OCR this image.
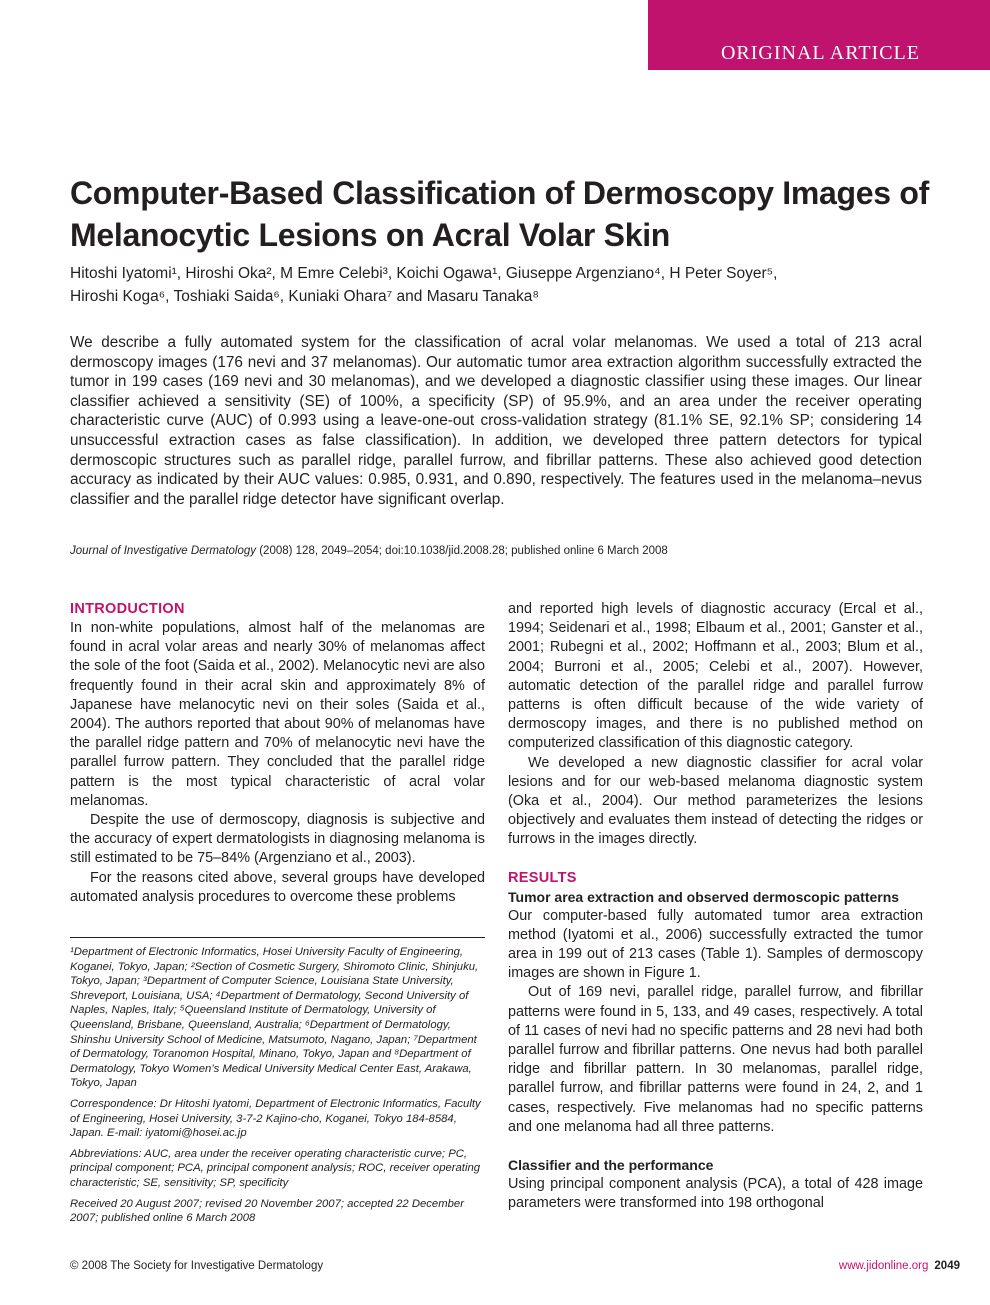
ORIGINAL ARTICLE
Computer-Based Classification of Dermoscopy Images of Melanocytic Lesions on Acral Volar Skin
Hitoshi Iyatomi¹, Hiroshi Oka², M Emre Celebi³, Koichi Ogawa¹, Giuseppe Argenziano⁴, H Peter Soyer⁵,
Hiroshi Koga⁶, Toshiaki Saida⁶, Kuniaki Ohara⁷ and Masaru Tanaka⁸

We describe a fully automated system for the classification of acral volar melanomas. We used a total of 213 acral dermoscopy images (176 nevi and 37 melanomas). Our automatic tumor area extraction algorithm successfully extracted the tumor in 199 cases (169 nevi and 30 melanomas), and we developed a diagnostic classifier using these images. Our linear classifier achieved a sensitivity (SE) of 100%, a specificity (SP) of 95.9%, and an area under the receiver operating characteristic curve (AUC) of 0.993 using a leave-one-out cross-validation strategy (81.1% SE, 92.1% SP; considering 14 unsuccessful extraction cases as false classification). In addition, we developed three pattern detectors for typical dermoscopic structures such as parallel ridge, parallel furrow, and fibrillar patterns. These also achieved good detection accuracy as indicated by their AUC values: 0.985, 0.931, and 0.890, respectively. The features used in the melanoma–nevus classifier and the parallel ridge detector have significant overlap.

Journal of Investigative Dermatology (2008) 128, 2049–2054; doi:10.1038/jid.2008.28; published online 6 March 2008
INTRODUCTION

In non-white populations, almost half of the melanomas are found in acral volar areas and nearly 30% of melanomas affect the sole of the foot (Saida et al., 2002). Melanocytic nevi are also frequently found in their acral skin and approximately 8% of Japanese have melanocytic nevi on their soles (Saida et al., 2004). The authors reported that about 90% of melanomas have the parallel ridge pattern and 70% of melanocytic nevi have the parallel furrow pattern. They concluded that the parallel ridge pattern is the most typical characteristic of acral volar melanomas.

Despite the use of dermoscopy, diagnosis is subjective and the accuracy of expert dermatologists in diagnosing melanoma is still estimated to be 75–84% (Argenziano et al., 2003).

For the reasons cited above, several groups have developed automated analysis procedures to overcome these problems

¹Department of Electronic Informatics, Hosei University Faculty of Engineering, Koganei, Tokyo, Japan; ²Section of Cosmetic Surgery, Shiromoto Clinic, Shinjuku, Tokyo, Japan; ³Department of Computer Science, Louisiana State University, Shreveport, Louisiana, USA; ⁴Department of Dermatology, Second University of Naples, Naples, Italy; ⁵Queensland Institute of Dermatology, University of Queensland, Brisbane, Queensland, Australia; ⁶Department of Dermatology, Shinshu University School of Medicine, Matsumoto, Nagano, Japan; ⁷Department of Dermatology, Toranomon Hospital, Minano, Tokyo, Japan and ⁸Department of Dermatology, Tokyo Women’s Medical University Medical Center East, Arakawa, Tokyo, Japan

Correspondence: Dr Hitoshi Iyatomi, Department of Electronic Informatics, Faculty of Engineering, Hosei University, 3-7-2 Kajino-cho, Koganei, Tokyo 184-8584, Japan. E-mail: iyatomi@hosei.ac.jp

Abbreviations: AUC, area under the receiver operating characteristic curve; PC, principal component; PCA, principal component analysis; ROC, receiver operating characteristic; SE, sensitivity; SP, specificity

Received 20 August 2007; revised 20 November 2007; accepted 22 December 2007; published online 6 March 2008

and reported high levels of diagnostic accuracy (Ercal et al., 1994; Seidenari et al., 1998; Elbaum et al., 2001; Ganster et al., 2001; Rubegni et al., 2002; Hoffmann et al., 2003; Blum et al., 2004; Burroni et al., 2005; Celebi et al., 2007). However, automatic detection of the parallel ridge and parallel furrow patterns is often difficult because of the wide variety of dermoscopy images, and there is no published method on computerized classification of this diagnostic category.

We developed a new diagnostic classifier for acral volar lesions and for our web-based melanoma diagnostic system (Oka et al., 2004). Our method parameterizes the lesions objectively and evaluates them instead of detecting the ridges or furrows in the images directly.

RESULTS
Tumor area extraction and observed dermoscopic patterns

Our computer-based fully automated tumor area extraction method (Iyatomi et al., 2006) successfully extracted the tumor area in 199 out of 213 cases (Table 1). Samples of dermoscopy images are shown in Figure 1.

Out of 169 nevi, parallel ridge, parallel furrow, and fibrillar patterns were found in 5, 133, and 49 cases, respectively. A total of 11 cases of nevi had no specific patterns and 28 nevi had both parallel furrow and fibrillar patterns. One nevus had both parallel ridge and fibrillar pattern. In 30 melanomas, parallel ridge, parallel furrow, and fibrillar patterns were found in 24, 2, and 1 cases, respectively. Five melanomas had no specific patterns and one melanoma had all three patterns.

Classifier and the performance

Using principal component analysis (PCA), a total of 428 image parameters were transformed into 198 orthogonal

© 2008 The Society for Investigative Dermatology	www.jidonline.org 2049
